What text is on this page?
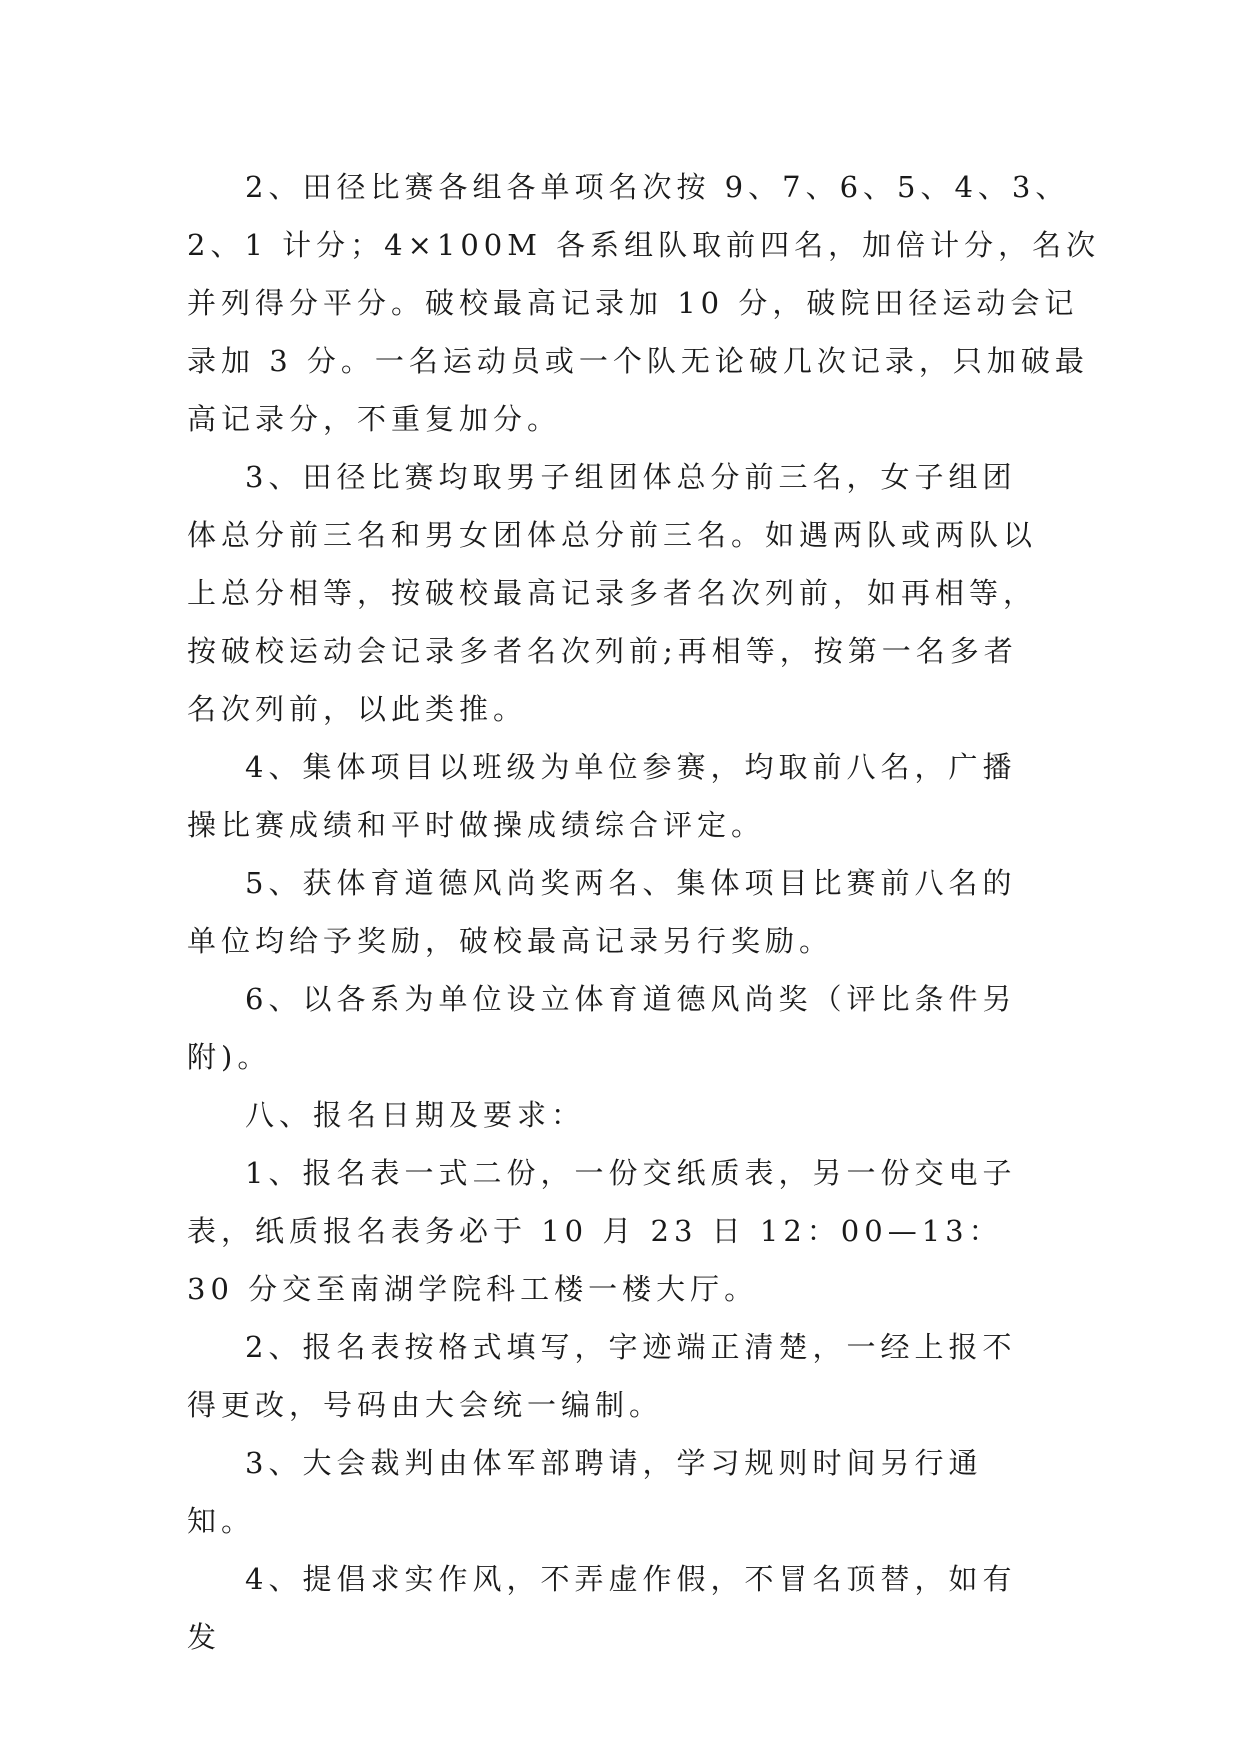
2、田径比赛各组各单项名次按 9、7、6、5、4、3、2、1 计分；4×100M 各系组队取前四名，加倍计分，名次并列得分平分。破校最高记录加 10 分，破院田径运动会记录加 3 分。一名运动员或一个队无论破几次记录，只加破最高记录分，不重复加分。

3、田径比赛均取男子组团体总分前三名，女子组团体总分前三名和男女团体总分前三名。如遇两队或两队以上总分相等，按破校最高记录多者名次列前，如再相等，按破校运动会记录多者名次列前;再相等，按第一名多者名次列前，以此类推。

4、集体项目以班级为单位参赛，均取前八名，广播操比赛成绩和平时做操成绩综合评定。

5、获体育道德风尚奖两名、集体项目比赛前八名的单位均给予奖励，破校最高记录另行奖励。

6、以各系为单位设立体育道德风尚奖（评比条件另附)。

八、报名日期及要求：

1、报名表一式二份，一份交纸质表，另一份交电子表，纸质报名表务必于 10 月 23 日 12：00—13：30 分交至南湖学院科工楼一楼大厅。

2、报名表按格式填写，字迹端正清楚，一经上报不得更改，号码由大会统一编制。

3、大会裁判由体军部聘请，学习规则时间另行通知。

4、提倡求实作风，不弄虚作假，不冒名顶替，如有发
